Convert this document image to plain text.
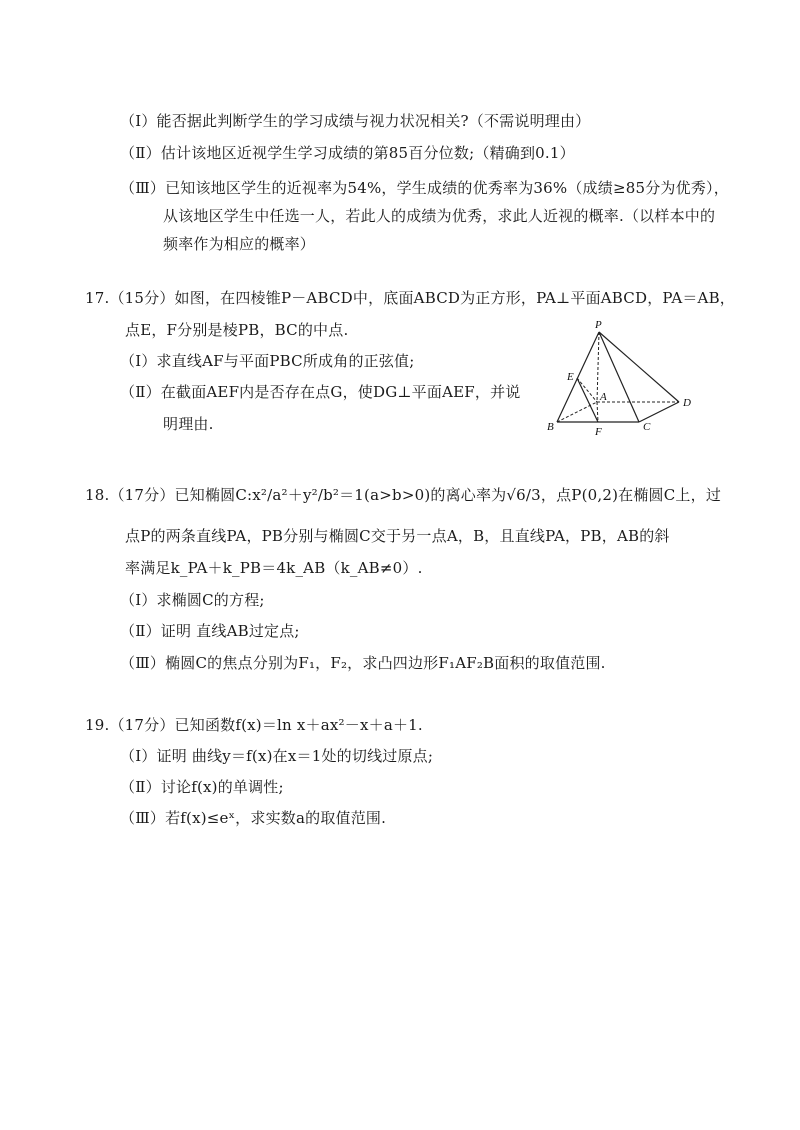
（Ⅰ）能否据此判断学生的学习成绩与视力状况相关?（不需说明理由）
（Ⅱ）估计该地区近视学生学习成绩的第85百分位数;（精确到0.1）
（Ⅲ）已知该地区学生的近视率为54%，学生成绩的优秀率为36%（成绩≥85分为优秀），
从该地区学生中任选一人，若此人的成绩为优秀，求此人近视的概率.（以样本中的
频率作为相应的概率）
17.（15分）如图，在四棱锥P－ABCD中，底面ABCD为正方形，PA⊥平面ABCD，PA＝AB，
点E，F分别是棱PB，BC的中点.
（Ⅰ）求直线AF与平面PBC所成角的正弦值;
（Ⅱ）在截面AEF内是否存在点G，使DG⊥平面AEF，并说
明理由.
P
E
A	D
B	F	C
18.（17分）已知椭圆C:x²/a²＋y²/b²＝1(a>b>0)的离心率为√6/3，点P(0,2)在椭圆C上，过
点P的两条直线PA，PB分别与椭圆C交于另一点A，B，且直线PA，PB，AB的斜
率满足k_PA＋k_PB＝4k_AB（k_AB≠0）.
（Ⅰ）求椭圆C的方程;
（Ⅱ）证明 直线AB过定点;
（Ⅲ）椭圆C的焦点分别为F₁，F₂，求凸四边形F₁AF₂B面积的取值范围.
19.（17分）已知函数f(x)＝ln x＋ax²－x＋a＋1.
（Ⅰ）证明 曲线y＝f(x)在x＝1处的切线过原点;
（Ⅱ）讨论f(x)的单调性;
（Ⅲ）若f(x)≤eˣ，求实数a的取值范围.
